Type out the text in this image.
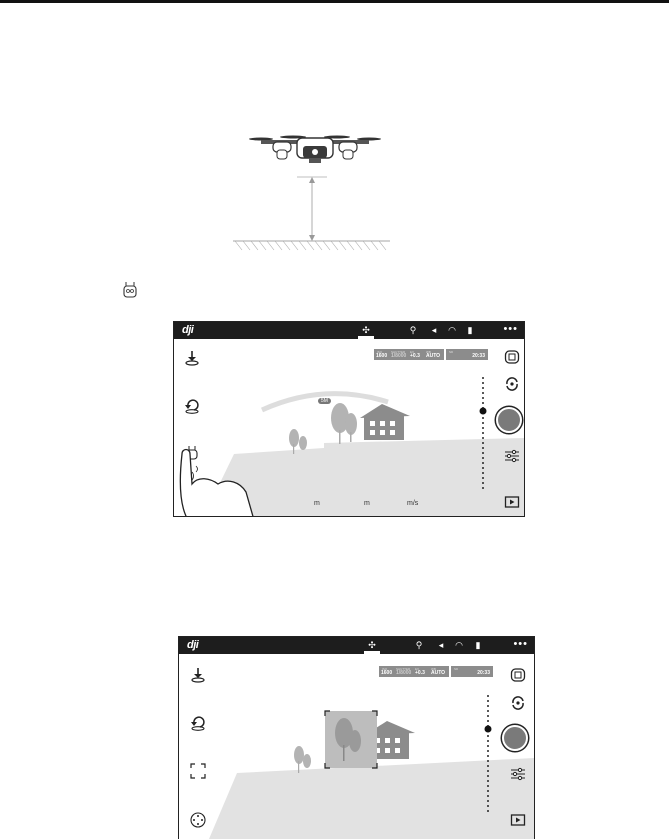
dji	✣	⚲	◂	◠	▮	•••
5M
ISO
1600
SHUTTER
1/8000
EV
+0.3
WB
AUTO
SD
20:33
m	m	m/s
dji	✣	⚲	◂	◠	▮	•••
ISO
1600
SHUTTER
1/8000
EV
+0.3
WB
AUTO
SD
20:33
